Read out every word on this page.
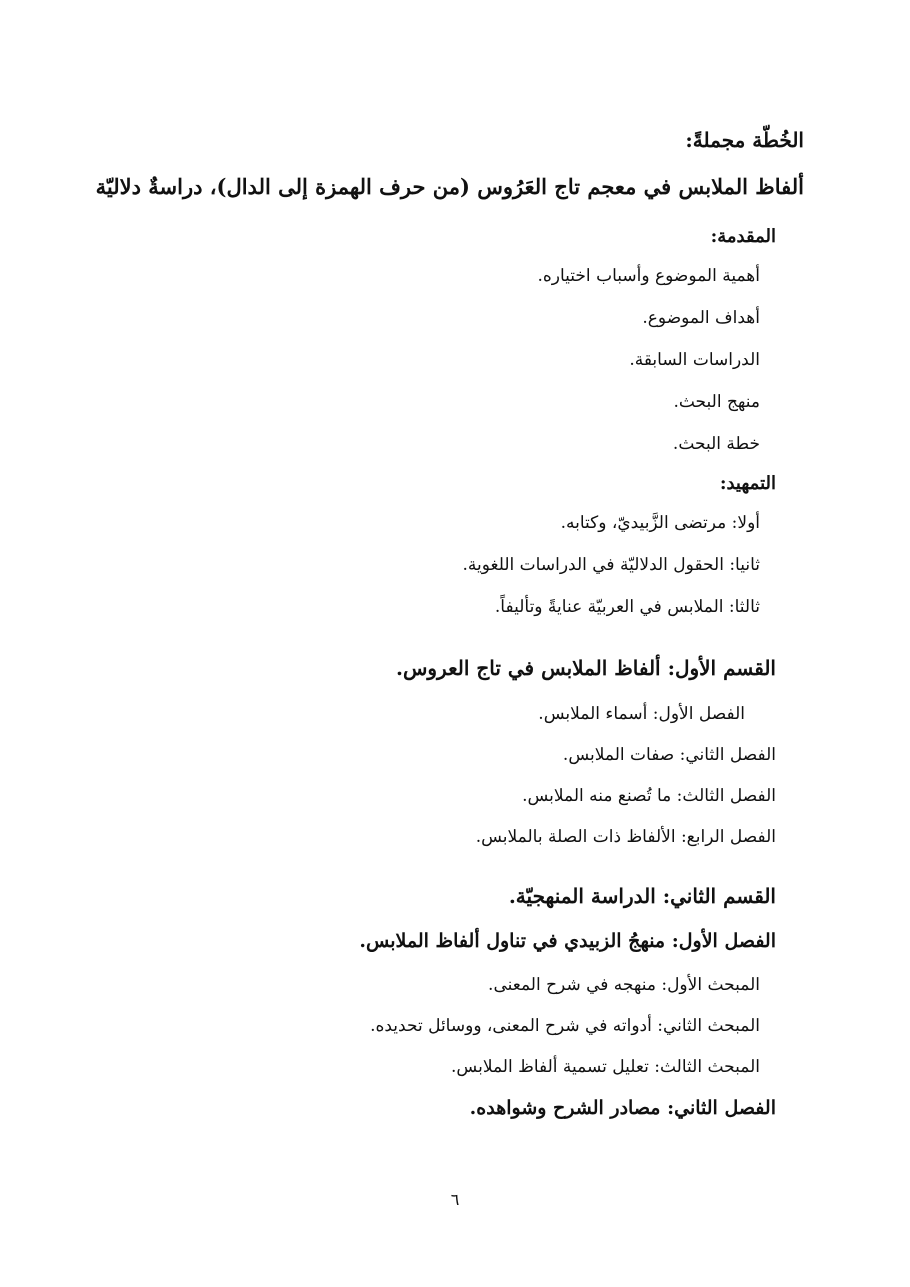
الخُطّة مجملةً:
ألفاظ الملابس في معجم تاج العَرُوس (من حرف الهمزة إلى الدال)، دراسةٌ دلاليّة
المقدمة:
أهمية الموضوع وأسباب اختياره.
أهداف الموضوع.
الدراسات السابقة.
منهج البحث.
خطة البحث.
التمهيد:
أولا: مرتضى الزَّبيديّ، وكتابه.
ثانيا: الحقول الدلاليّة في الدراسات اللغوية.
ثالثا: الملابس في العربيّة عنايةً وتأليفاً.
القسم الأول: ألفاظ الملابس في تاج العروس.
الفصل الأول: أسماء الملابس.
الفصل الثاني: صفات الملابس.
الفصل الثالث: ما تُصنع منه الملابس.
الفصل الرابع: الألفاظ ذات الصلة بالملابس.
القسم الثاني: الدراسة المنهجيّة.
الفصل الأول: منهجُ الزبيدي في تناول ألفاظ الملابس.
المبحث الأول: منهجه في شرح المعنى.
المبحث الثاني: أدواته في شرح المعنى، ووسائل تحديده.
المبحث الثالث: تعليل تسمية ألفاظ الملابس.
الفصل الثاني: مصادر الشرح وشواهده.
٦
